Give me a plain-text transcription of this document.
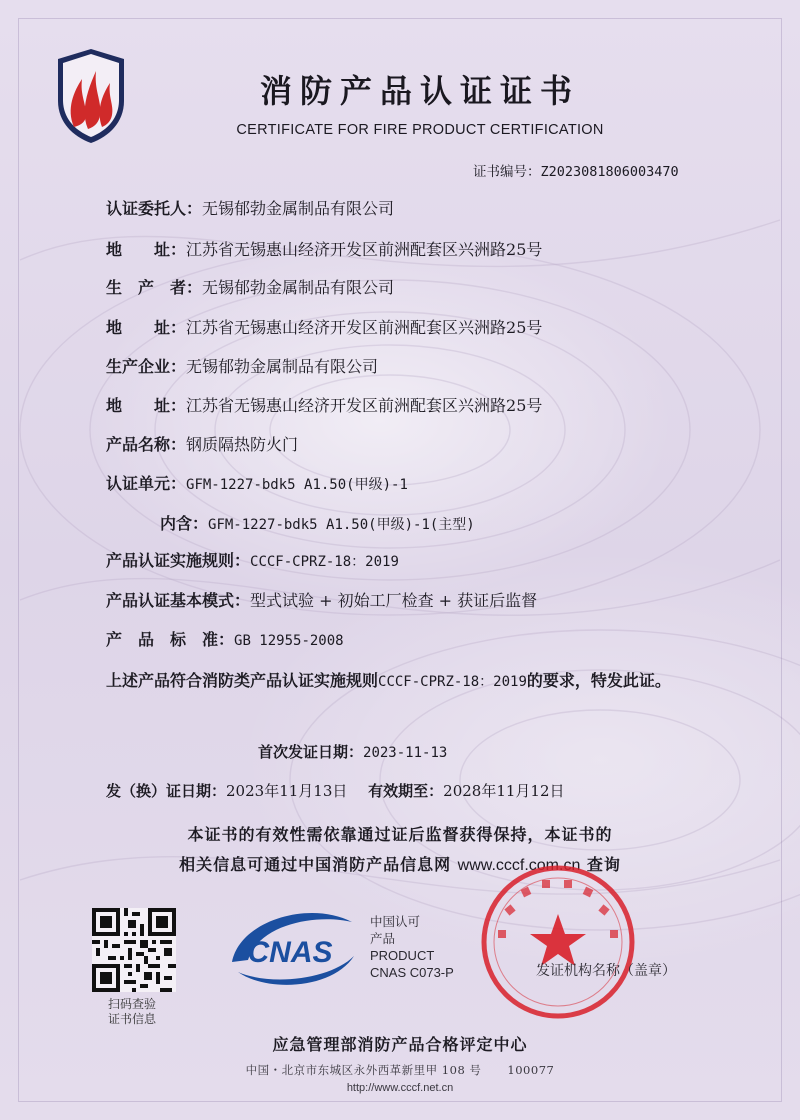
消防产品认证证书
CERTIFICATE FOR FIRE PRODUCT CERTIFICATION
证书编号：Z2023081806003470
认证委托人：无锡郁勃金属制品有限公司
地　　址：江苏省无锡惠山经济开发区前洲配套区兴洲路25号
生　产　者：无锡郁勃金属制品有限公司
地　　址：江苏省无锡惠山经济开发区前洲配套区兴洲路25号
生产企业：无锡郁勃金属制品有限公司
地　　址：江苏省无锡惠山经济开发区前洲配套区兴洲路25号
产品名称：钢质隔热防火门
认证单元：GFM-1227-bdk5 A1.50(甲级)-1
内含：GFM-1227-bdk5 A1.50(甲级)-1(主型)
产品认证实施规则：CCCF-CPRZ-18：2019
产品认证基本模式：型式试验 + 初始工厂检查 + 获证后监督
产　品　标　准：GB 12955-2008
上述产品符合消防类产品认证实施规则CCCF-CPRZ-18：2019的要求，特发此证。
首次发证日期：2023-11-13
发（换）证日期：2023年11月13日 有效期至：2028年11月12日
本证书的有效性需依靠通过证后监督获得保持，本证书的
相关信息可通过中国消防产品信息网 www.cccf.com.cn 查询
扫码查验
证书信息
CNAS
中国认可
产品
PRODUCT
CNAS C073-P	发证机构名称（盖章）
应急管理部消防产品合格评定中心
中国・北京市东城区永外西革新里甲 108 号 100077
http://www.cccf.net.cn
